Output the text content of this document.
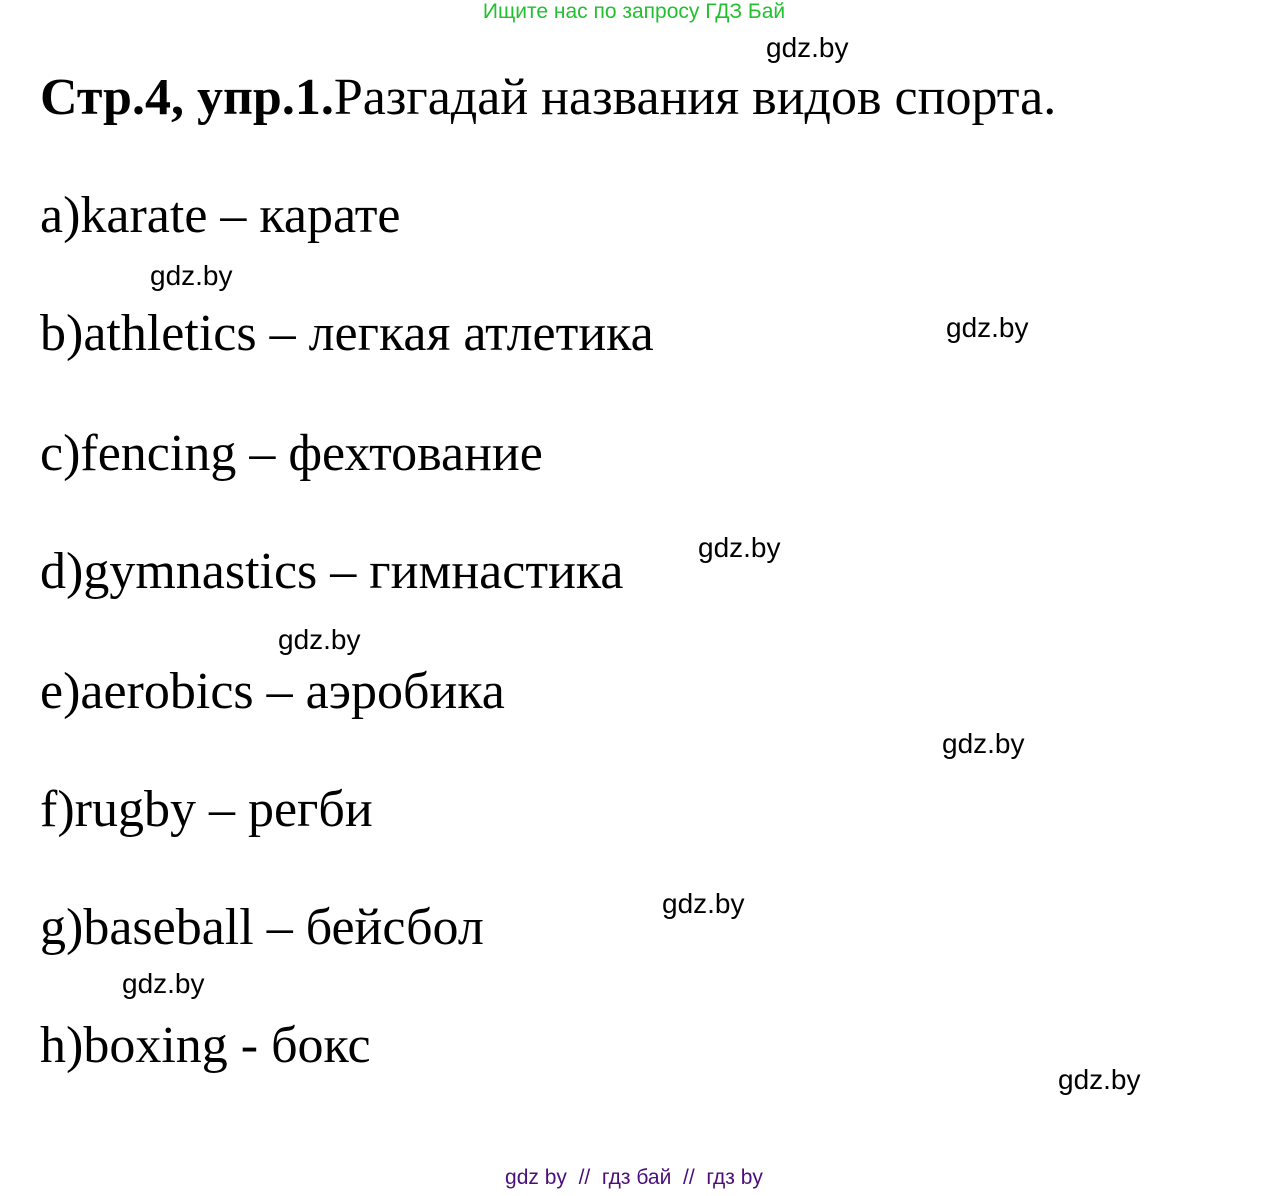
Ищите нас по запросу ГДЗ Бай
Стр.4, упр.1.Разгадай названия видов спорта.
a)karate – карате
b)athletics – легкая атлетика
c)fencing – фехтование
d)gymnastics – гимнастика
e)aerobics – аэробика
f)rugby – регби
g)baseball – бейсбол
h)boxing - бокс
gdz.by
gdz.by
gdz.by
gdz.by
gdz.by
gdz.by
gdz.by
gdz.by
gdz.by
gdz by  //  гдз бай  //  гдз by
